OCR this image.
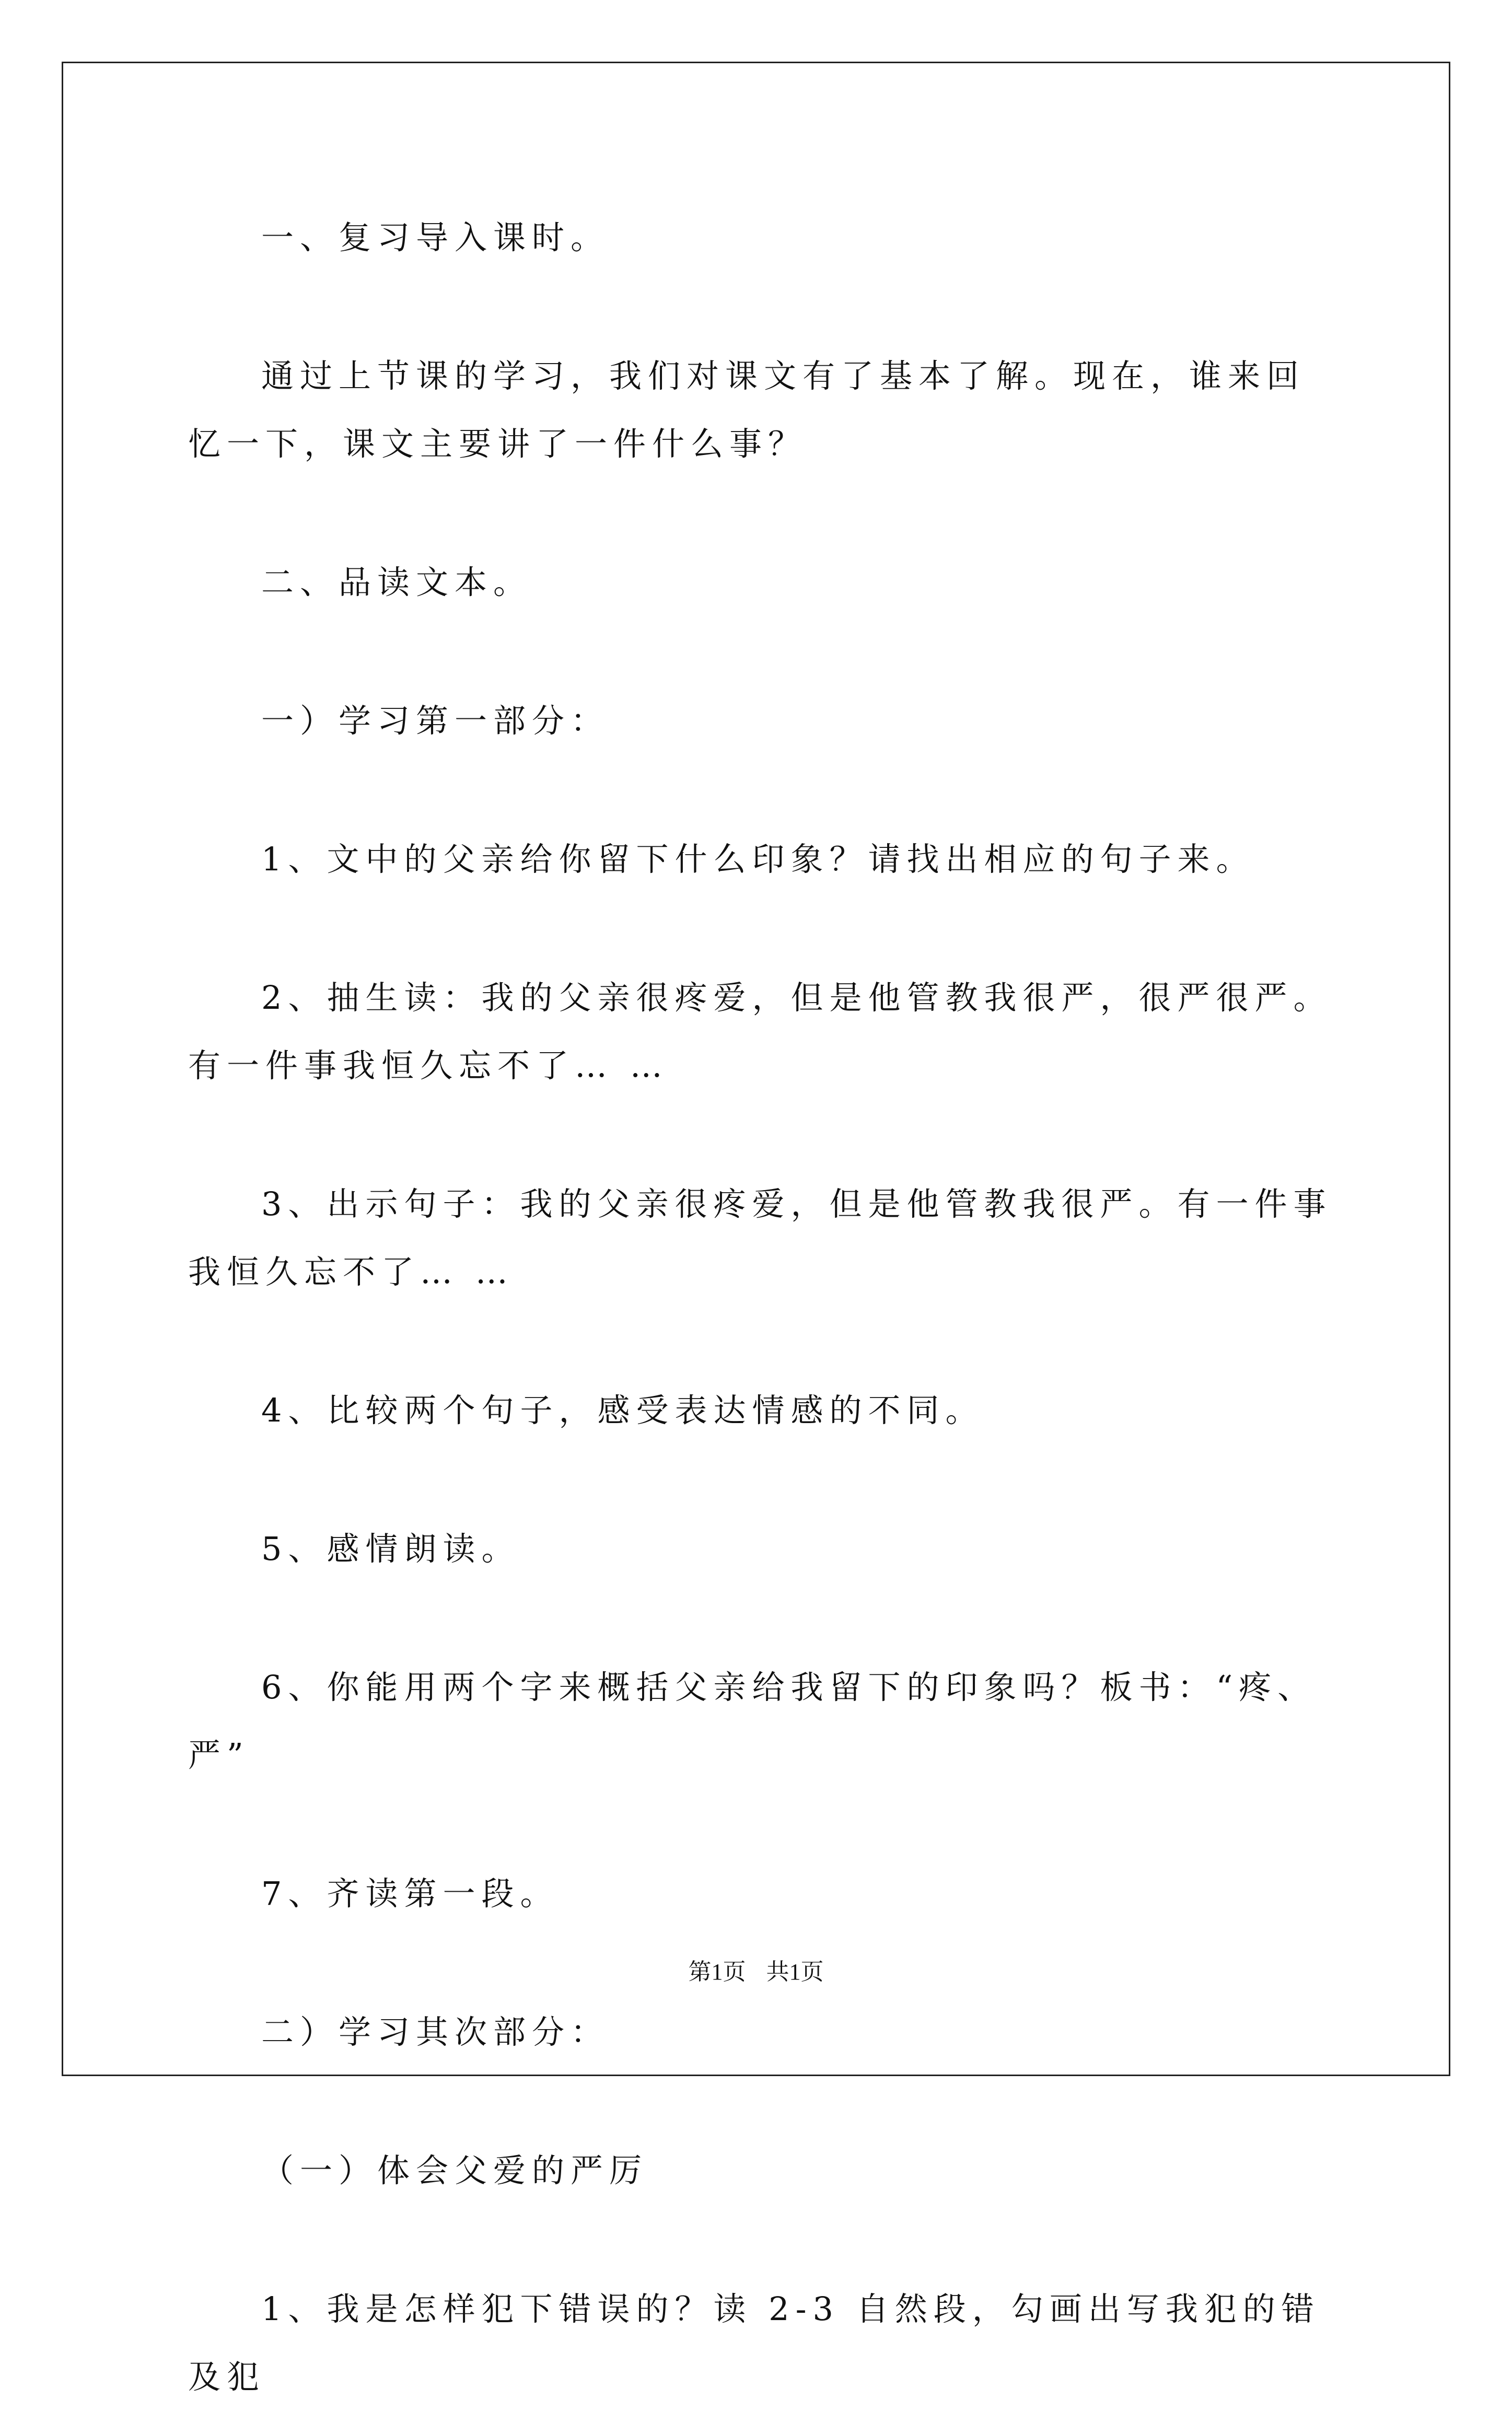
一、复习导入课时。

通过上节课的学习，我们对课文有了基本了解。现在，谁来回忆一下，课文主要讲了一件什么事？

二、品读文本。

一）学习第一部分：

1、文中的父亲给你留下什么印象？请找出相应的句子来。

2、抽生读：我的父亲很疼爱，但是他管教我很严，很严很严。有一件事我恒久忘不了… …

3、出示句子：我的父亲很疼爱，但是他管教我很严。有一件事我恒久忘不了… …

4、比较两个句子，感受表达情感的不同。

5、感情朗读。

6、你能用两个字来概括父亲给我留下的印象吗？板书：“疼、严”

7、齐读第一段。

二）学习其次部分：

（一）体会父爱的严厉

1、我是怎样犯下错误的？读 2-3 自然段，勾画出写我犯的错及犯

第1页 共1页
